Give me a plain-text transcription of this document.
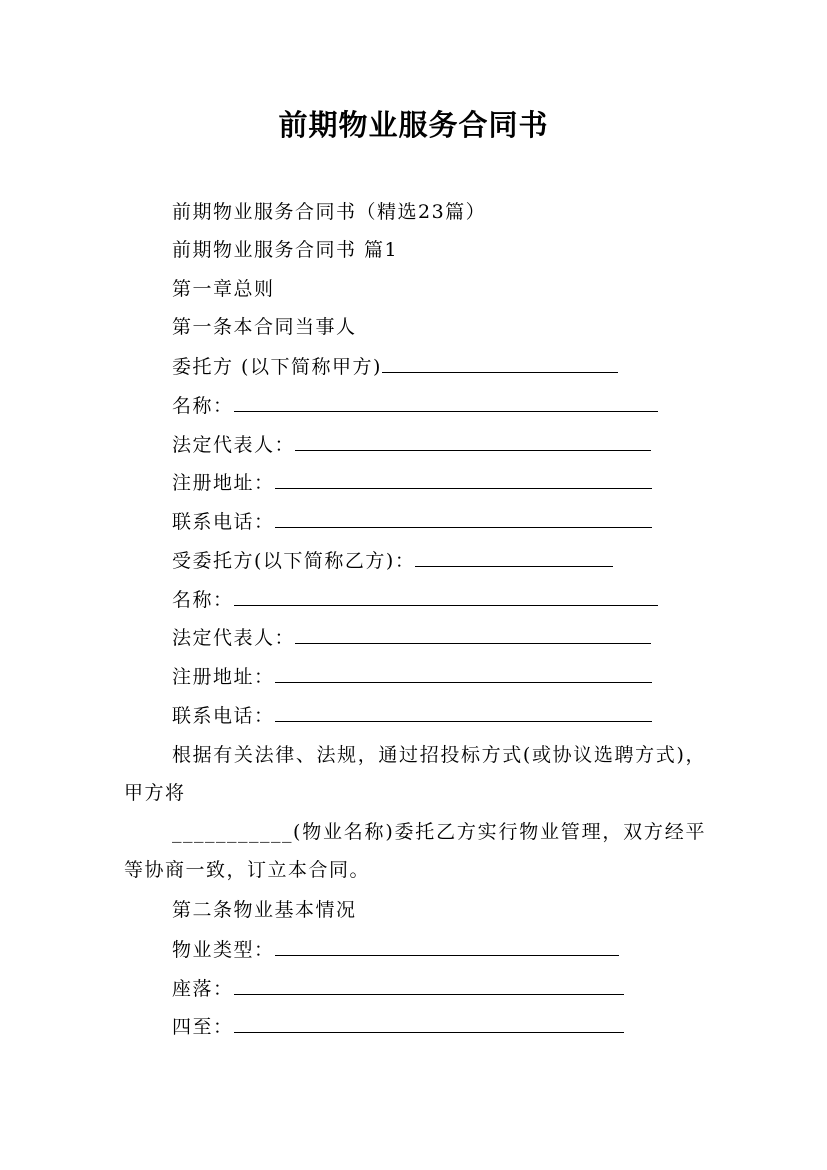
前期物业服务合同书
前期物业服务合同书（精选23篇）
前期物业服务合同书 篇1
第一章总则
第一条本合同当事人
委托方 (以下简称甲方)
名称：
法定代表人：
注册地址：
联系电话：
受委托方(以下简称乙方)：
名称：
法定代表人：
注册地址：
联系电话：
根据有关法律、法规，通过招投标方式(或协议选聘方式)，甲方将
___________(物业名称)委托乙方实行物业管理，双方经平等协商一致，订立本合同。
第二条物业基本情况
物业类型：
座落：
四至：
